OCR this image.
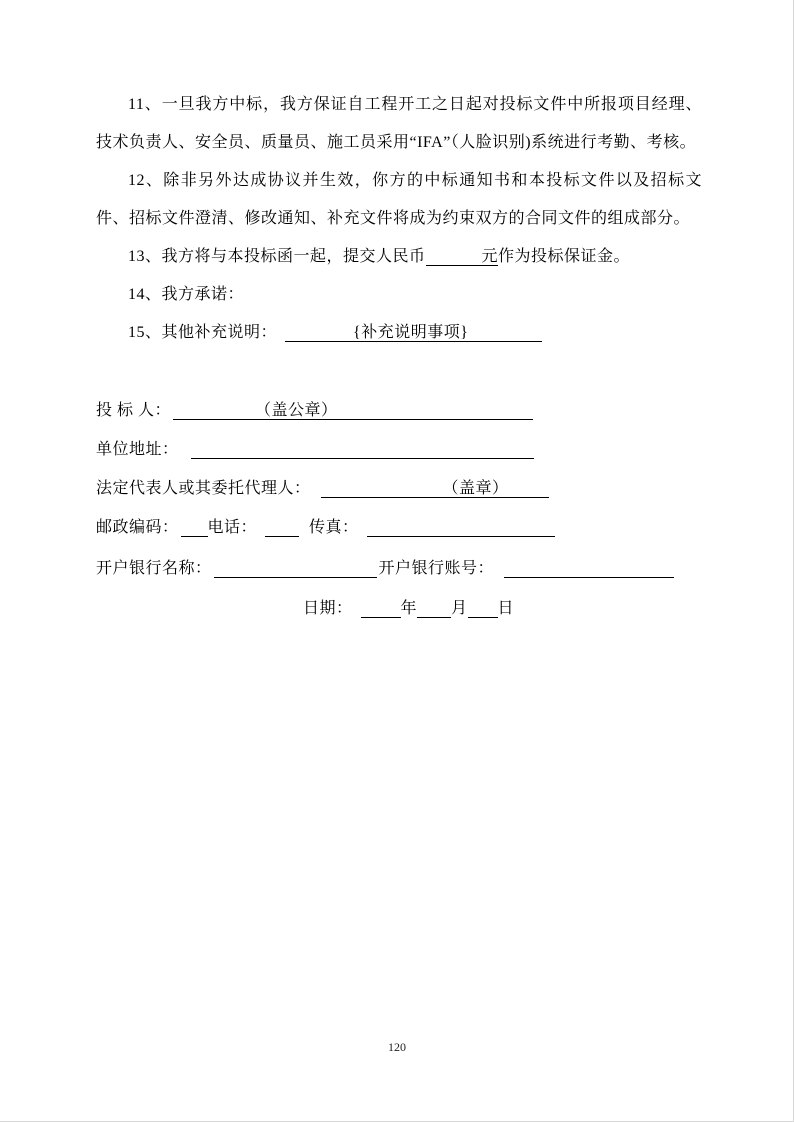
11、一旦我方中标，我方保证自工程开工之日起对投标文件中所报项目经理、技术负责人、安全员、质量员、施工员采用“IFA”（人脸识别)系统进行考勤、考核。

12、除非另外达成协议并生效，你方的中标通知书和本投标文件以及招标文件、招标文件澄清、修改通知、补充文件将成为约束双方的合同文件的组成部分。

13、我方将与本投标函一起，提交人民币	元作为投标保证金。

14、我方承诺：

15、其他补充说明：	{补充说明事项}

投 标 人：	（盖公章）
单位地址：
法定代表人或其委托代理人：	（盖章）
邮政编码： 电话：	传真：
开户银行名称：	开户银行账号：
日期：	年 月 日
120
